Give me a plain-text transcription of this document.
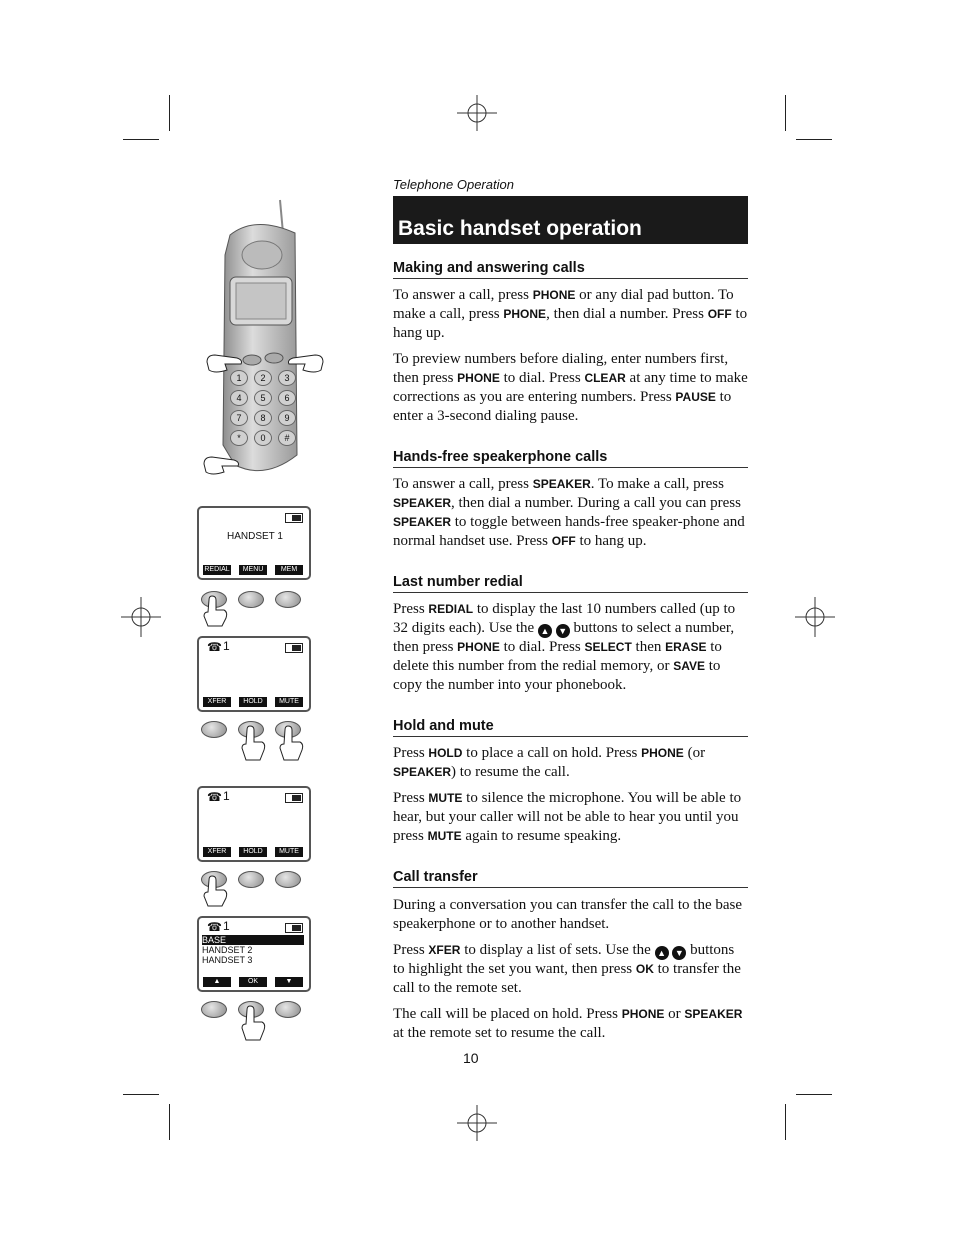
Telephone Operation
Basic handset operation
Making and answering calls
To answer a call, press PHONE or any dial pad button. To make a call, press PHONE, then dial a number. Press OFF to hang up.
To preview numbers before dialing, enter numbers first, then press PHONE to dial. Press CLEAR at any time to make corrections as you are entering numbers. Press PAUSE to enter a 3-second dialing pause.
Hands-free speakerphone calls
To answer a call, press SPEAKER. To make a call, press SPEAKER, then dial a number. During a call you can press SPEAKER to toggle between hands-free speaker-phone and normal handset use. Press OFF to hang up.
Last number redial
Press REDIAL to display the last 10 numbers called (up to 32 digits each). Use the ▲ ▼ buttons to select a number, then press PHONE to dial. Press SELECT then ERASE to delete this number from the redial memory, or SAVE to copy the number into your phonebook.
Hold and mute
Press HOLD to place a call on hold. Press PHONE (or SPEAKER) to resume the call.
Press MUTE to silence the microphone. You will be able to hear, but your caller will not be able to hear you until you press MUTE again to resume speaking.
Call transfer
During a conversation you can transfer the call to the base speakerphone or to another handset.
Press XFER to display a list of sets. Use the ▲ ▼ buttons to highlight the set you want, then press OK to transfer the call to the remote set.
The call will be placed on hold. Press PHONE or SPEAKER at the remote set to resume the call.
10
1	2	3
4	5	6
7	8	9
*	0	#
HANDSET 1
REDIAL	MENU	MEM
☎ 1
XFER	HOLD	MUTE
☎ 1
XFER	HOLD	MUTE
☎ 1
BASE
HANDSET 2
HANDSET 3
▲	OK	▼
